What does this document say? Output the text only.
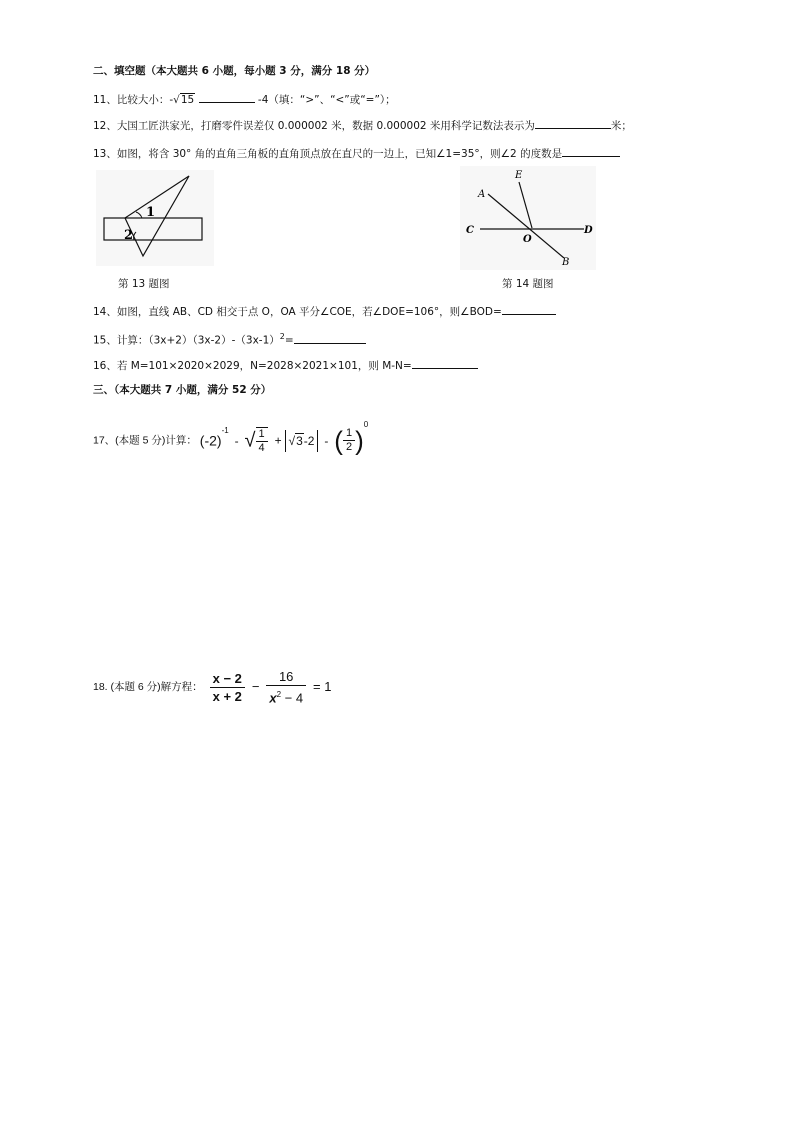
二、填空题（本大题共 6 小题，每小题 3 分，满分 18 分）
11、比较大小：-√15	-4（填：“>”、“<”或“=”）；
12、大国工匠洪家光，打磨零件误差仅 0.000002 米，数据 0.000002 米用科学记数法表示为	米；
13、如图，将含 30° 角的直角三角板的直角顶点放在直尺的一边上，已知∠1=35°，则∠2 的度数是
1
2
第 13 题图
A
E
C
O
D
B
第 14 题图
14、如图，直线 AB、CD 相交于点 O，OA 平分∠COE，若∠DOE=106°，则∠BOD=
15、计算：$(3x+2)(3x-2)-(3x-1)^2=$
16、若 M=101×2020×2029，N=2028×2021×101，则 M-N=
三、（本大题共 7 小题，满分 52 分）
17、(本题 5 分)计算： $(-2)^{-1}$ - √ $\frac{1}{4} + √3-2$ - ( $\frac{1}{2} )^0$
18. (本题 6 分)解方程： $\frac{x - 2}{x + 2} - \frac{16}{x^2 - 4} = 1$
